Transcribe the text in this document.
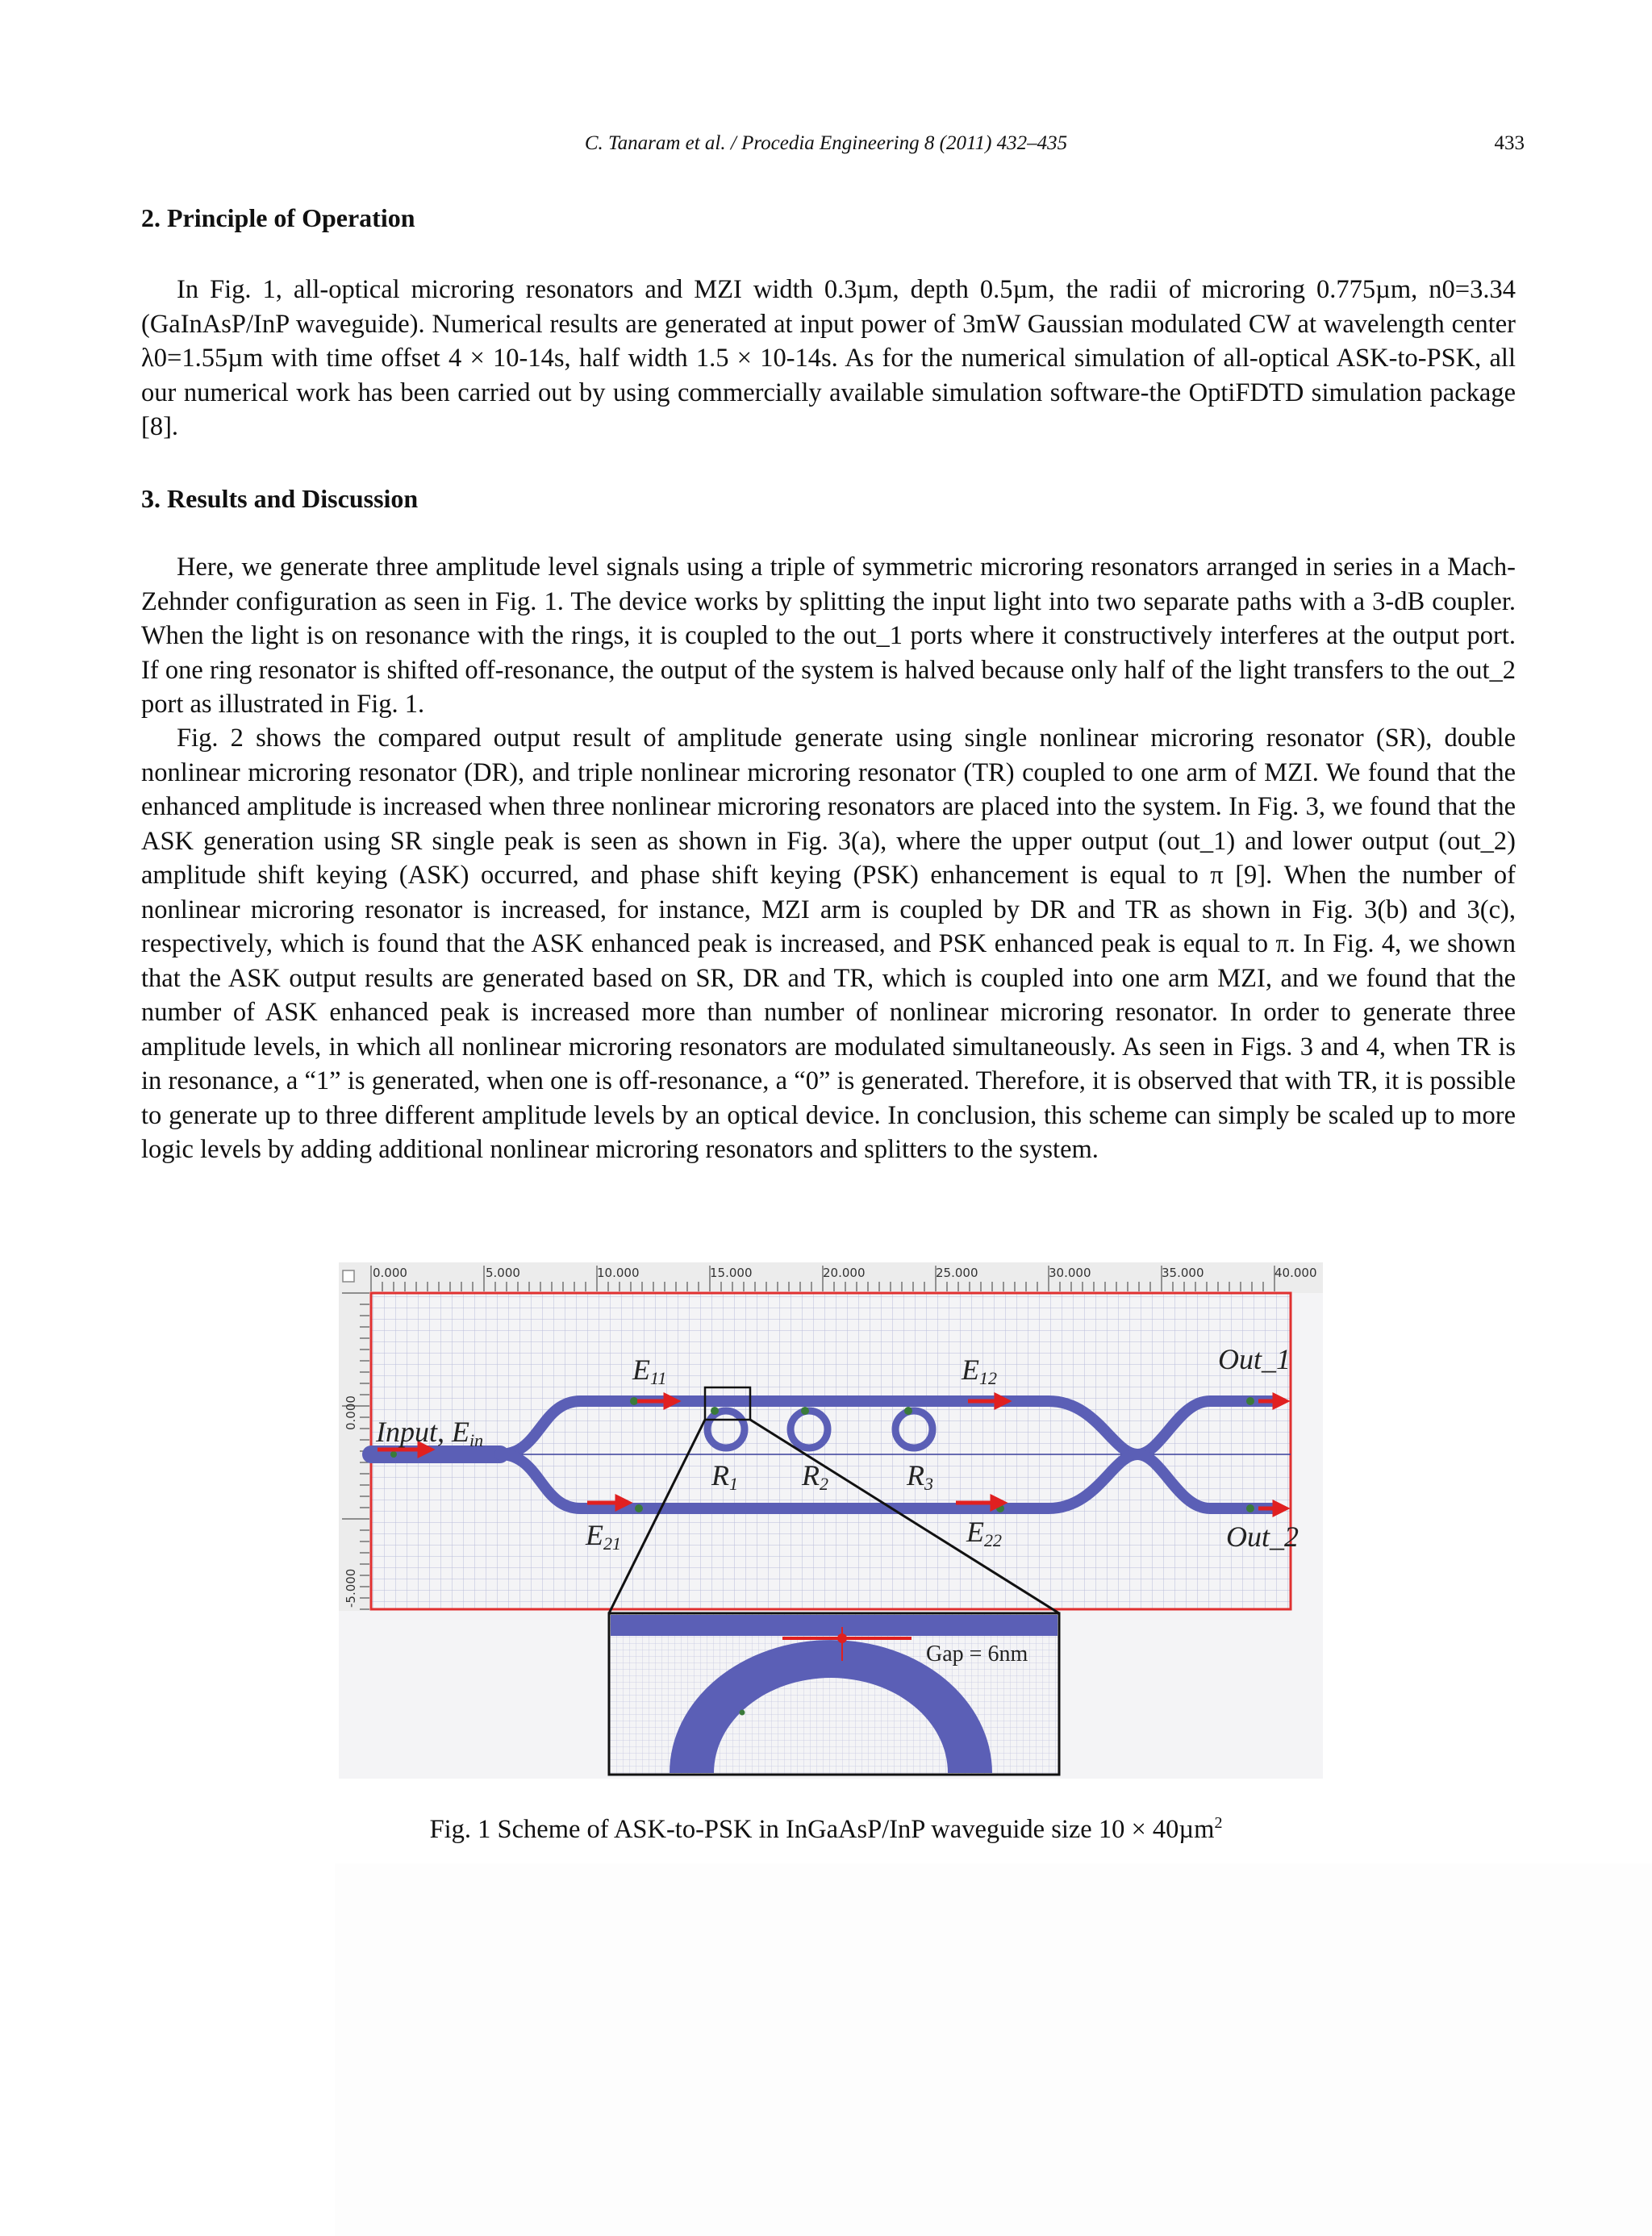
C. Tanaram et al. / Procedia Engineering 8 (2011) 432–435	433
2. Principle of Operation

In Fig. 1, all-optical microring resonators and MZI width 0.3µm, depth 0.5µm, the radii of microring 0.775µm, n0=3.34 (GaInAsP/InP waveguide). Numerical results are generated at input power of 3mW Gaussian modulated CW at wavelength center λ0=1.55µm with time offset 4 × 10-14s, half width 1.5 × 10-14s. As for the numerical simulation of all-optical ASK-to-PSK, all our numerical work has been carried out by using commercially available simulation software-the OptiFDTD simulation package [8].

3. Results and Discussion

Here, we generate three amplitude level signals using a triple of symmetric microring resonators arranged in series in a Mach-Zehnder configuration as seen in Fig. 1. The device works by splitting the input light into two separate paths with a 3-dB coupler. When the light is on resonance with the rings, it is coupled to the out_1 ports where it constructively interferes at the output port. If one ring resonator is shifted off-resonance, the output of the system is halved because only half of the light transfers to the out_2 port as illustrated in Fig. 1.

Fig. 2 shows the compared output result of amplitude generate using single nonlinear microring resonator (SR), double nonlinear microring resonator (DR), and triple nonlinear microring resonator (TR) coupled to one arm of MZI. We found that the enhanced amplitude is increased when three nonlinear microring resonators are placed into the system. In Fig. 3, we found that the ASK generation using SR single peak is seen as shown in Fig. 3(a), where the upper output (out_1) and lower output (out_2) amplitude shift keying (ASK) occurred, and phase shift keying (PSK) enhancement is equal to π [9]. When the number of nonlinear microring resonator is increased, for instance, MZI arm is coupled by DR and TR as shown in Fig. 3(b) and 3(c), respectively, which is found that the ASK enhanced peak is increased, and PSK enhanced peak is equal to π. In Fig. 4, we shown that the ASK output results are generated based on SR, DR and TR, which is coupled into one arm MZI, and we found that the number of ASK enhanced peak is increased more than number of nonlinear microring resonator. In order to generate three amplitude levels, in which all nonlinear microring resonators are modulated simultaneously. As seen in Figs. 3 and 4, when TR is in resonance, a “1” is generated, when one is off-resonance, a “0” is generated. Therefore, it is observed that with TR, it is possible to generate up to three different amplitude levels by an optical device. In conclusion, this scheme can simply be scaled up to more logic levels by adding additional nonlinear microring resonators and splitters to the system.

0.000	5.000	10.000	15.000	20.000	25.000	30.000	35.000	40.000
0.000
-5.000
Input, Ein
E11	E12
E21	E22
R1 R2	R3
Out_1
Out_2
Gap = 6nm
Fig. 1 Scheme of ASK-to-PSK in InGaAsP/InP waveguide size 10 × 40µm$^2$
